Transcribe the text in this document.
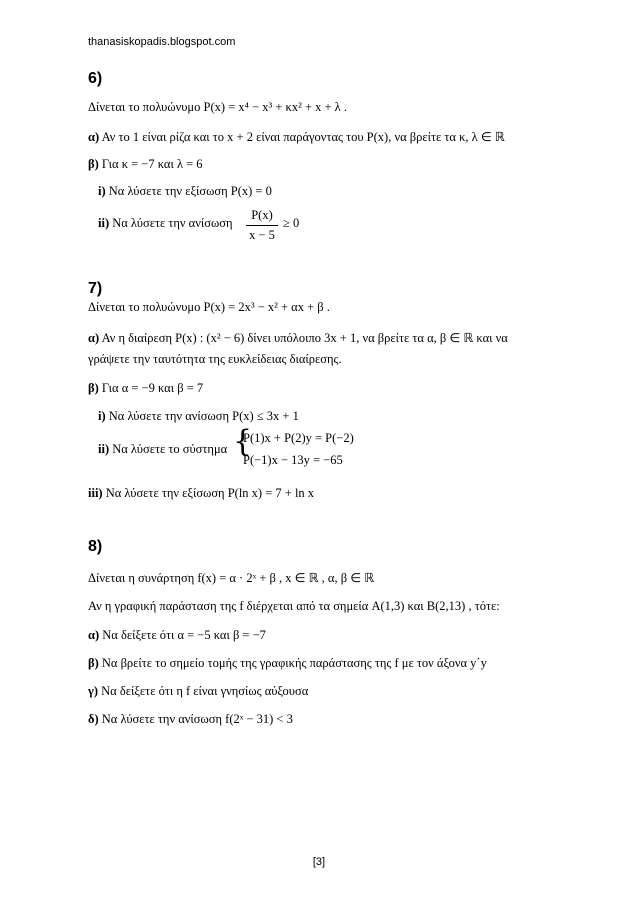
thanasiskopadis.blogspot.com
6)
Δίνεται το πολυώνυμο P(x) = x⁴ − x³ + κx² + x + λ .
α) Αν το 1 είναι ρίζα και το x + 2 είναι παράγοντας του P(x), να βρείτε τα κ, λ ∈ ℝ
β) Για κ = −7 και λ = 6
i) Να λύσετε την εξίσωση P(x) = 0
ii) Να λύσετε την ανίσωση $\frac{P(x)}{x - 5} \ge 0$
7)
Δίνεται το πολυώνυμο P(x) = 2x³ − x² + αx + β .
α) Αν η διαίρεση P(x) : (x² − 6) δίνει υπόλοιπο 3x + 1, να βρείτε τα α, β ∈ ℝ και να
γράψετε την ταυτότητα της ευκλείδειας διαίρεσης.
β) Για α = −9 και β = 7
i) Να λύσετε την ανίσωση P(x) ≤ 3x + 1
ii) Να λύσετε το σύστημα {
P(1)x + P(2)y = P(−2)
P(−1)x − 13y = −65
iii) Να λύσετε την εξίσωση P(ln x) = 7 + ln x
8)
Δίνεται η συνάρτηση f(x) = α · 2ˣ + β , x ∈ ℝ , α, β ∈ ℝ
Αν η γραφική παράσταση της f διέρχεται από τα σημεία A(1,3) και B(2,13) , τότε:
α) Να δείξετε ότι α = −5 και β = −7
β) Να βρείτε το σημείο τομής της γραφικής παράστασης της f με τον άξονα y΄y
γ) Να δείξετε ότι η f είναι γνησίως αύξουσα
δ) Να λύσετε την ανίσωση f(2ˣ − 31) < 3
[3]
